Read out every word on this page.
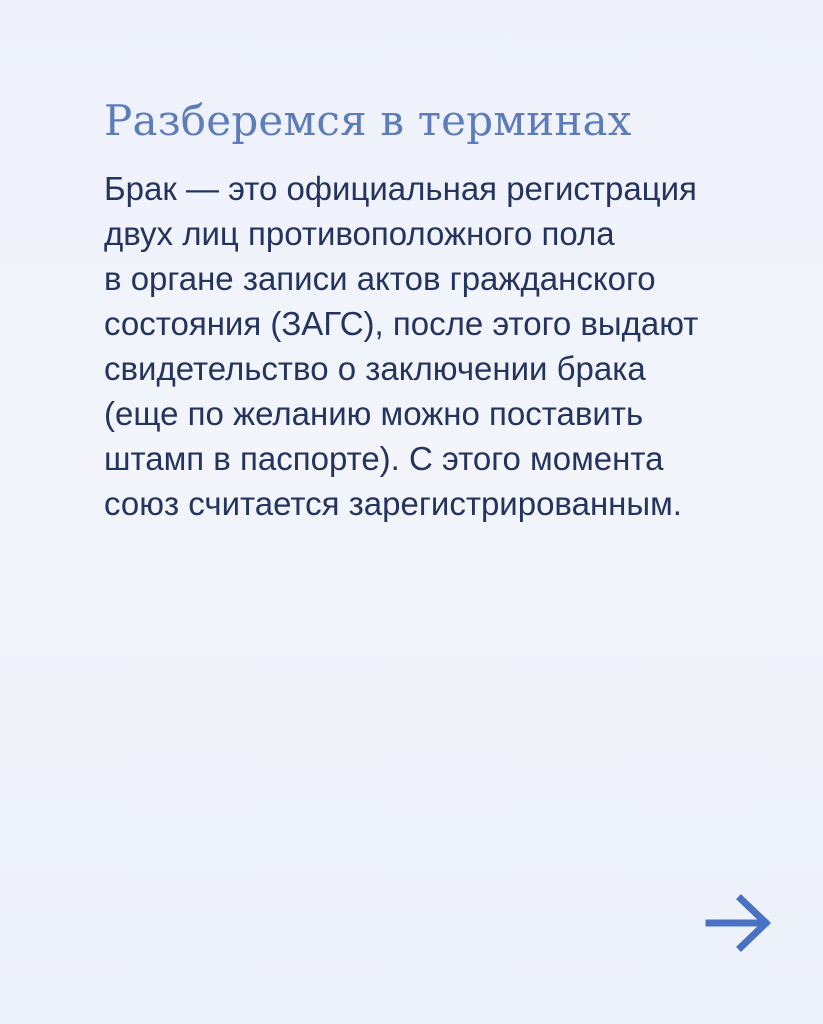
Разберемся в терминах

Брак — это официальная регистрация
двух лиц противоположного пола
в органе записи актов гражданского
состояния (ЗАГС), после этого выдают
свидетельство о заключении брака
(еще по желанию можно поставить
штамп в паспорте). С этого момента
союз считается зарегистрированным.
